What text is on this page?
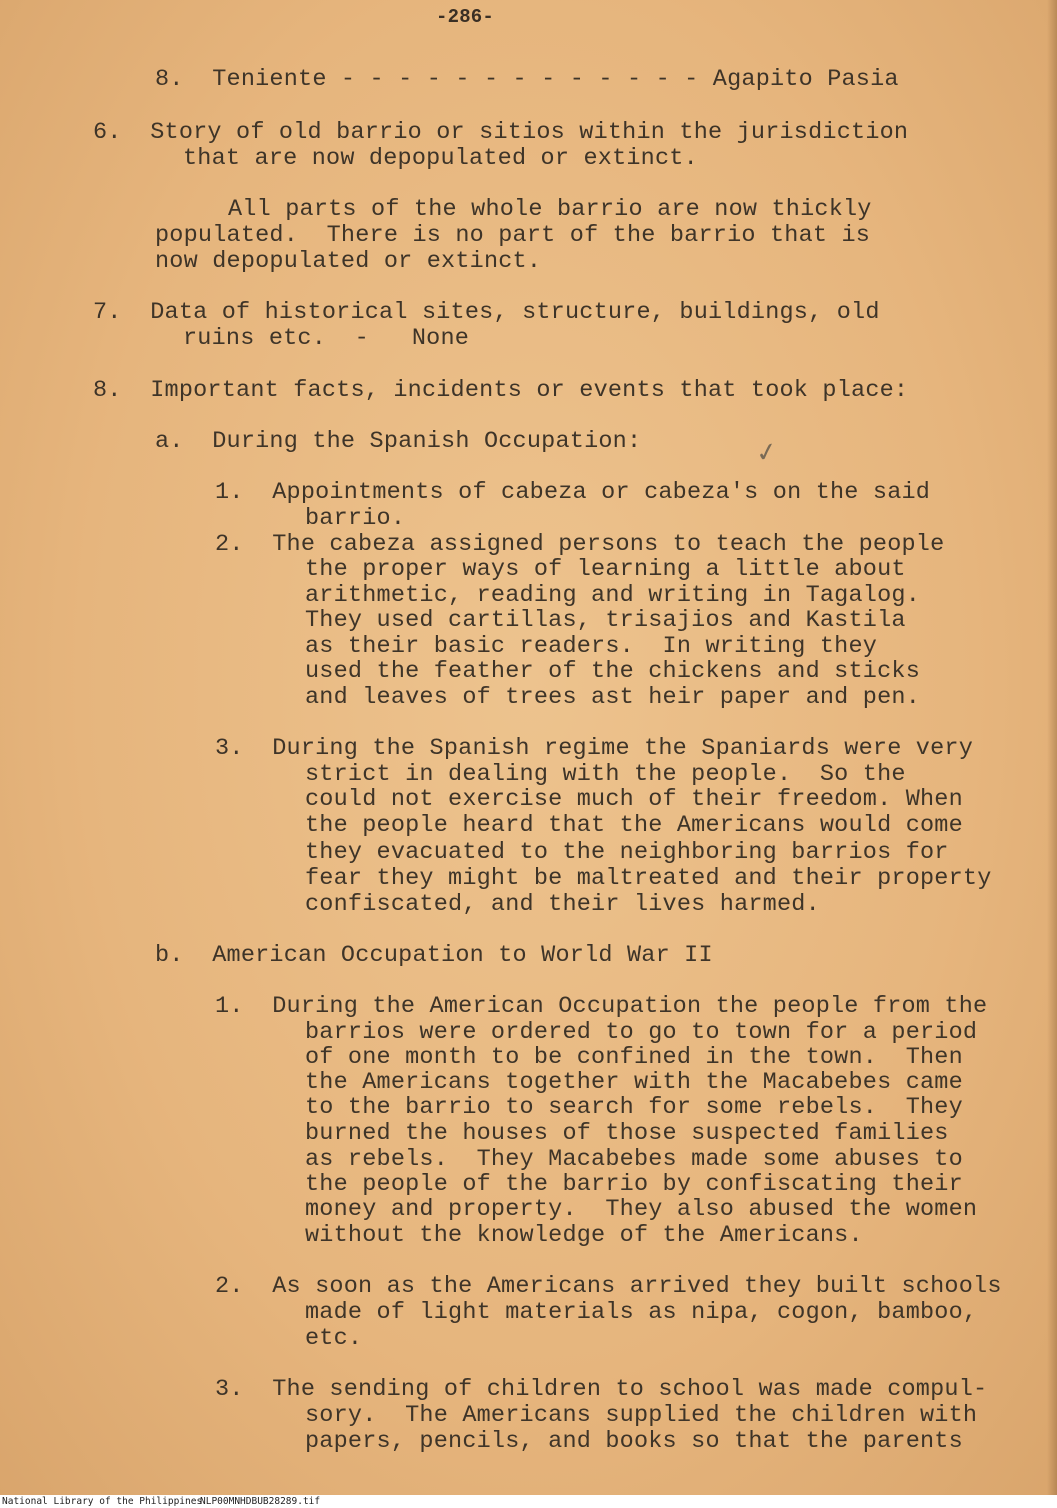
-286-
8.  Teniente - - - - - - - - - - - - - Agapito Pasia
6.  Story of old barrio or sitios within the jurisdiction
that are now depopulated or extinct.
All parts of the whole barrio are now thickly
populated.  There is no part of the barrio that is
now depopulated or extinct.
7.  Data of historical sites, structure, buildings, old
ruins etc.  -   None
8.  Important facts, incidents or events that took place:
a.  During the Spanish Occupation:
1.  Appointments of cabeza or cabeza's on the said
barrio.
2.  The cabeza assigned persons to teach the people
the proper ways of learning a little about
arithmetic, reading and writing in Tagalog.
They used cartillas, trisajios and Kastila
as their basic readers.  In writing they
used the feather of the chickens and sticks
and leaves of trees ast heir paper and pen.
3.  During the Spanish regime the Spaniards were very
strict in dealing with the people.  So the
could not exercise much of their freedom. When
the people heard that the Americans would come
they evacuated to the neighboring barrios for
fear they might be maltreated and their property
confiscated, and their lives harmed.
b.  American Occupation to World War II
1.  During the American Occupation the people from the
barrios were ordered to go to town for a period
of one month to be confined in the town.  Then
the Americans together with the Macabebes came
to the barrio to search for some rebels.  They
burned the houses of those suspected families
as rebels.  They Macabebes made some abuses to
the people of the barrio by confiscating their
money and property.  They also abused the women
without the knowledge of the Americans.
2.  As soon as the Americans arrived they built schools
made of light materials as nipa, cogon, bamboo,
etc.
3.  The sending of children to school was made compul-
sory.  The Americans supplied the children with
papers, pencils, and books so that the parents
✓
National Library of the Philippines
NLP00MNHDBUB28289.tif
